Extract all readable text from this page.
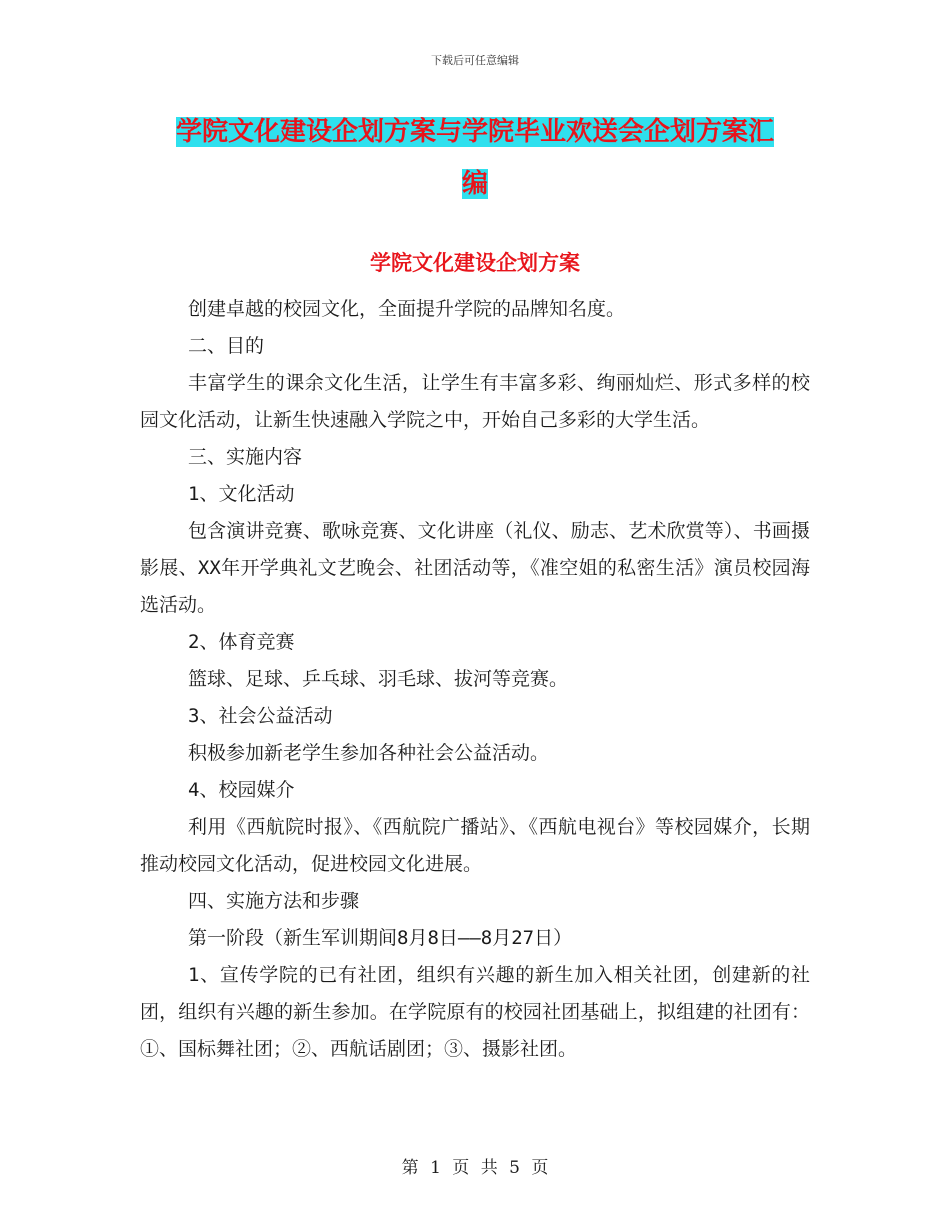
下载后可任意编辑
学院文化建设企划方案与学院毕业欢送会企划方案汇
编
学院文化建设企划方案

创建卓越的校园文化，全面提升学院的品牌知名度。

二、目的

丰富学生的课余文化生活，让学生有丰富多彩、绚丽灿烂、形式多样的校园文化活动，让新生快速融入学院之中，开始自己多彩的大学生活。

三、实施内容

1、文化活动

包含演讲竞赛、歌咏竞赛、文化讲座（礼仪、励志、艺术欣赏等）、书画摄影展、XX年开学典礼文艺晚会、社团活动等，《准空姐的私密生活》演员校园海选活动。

2、体育竞赛

篮球、足球、乒乓球、羽毛球、拔河等竞赛。

3、社会公益活动

积极参加新老学生参加各种社会公益活动。

4、校园媒介

利用《西航院时报》、《西航院广播站》、《西航电视台》等校园媒介，长期推动校园文化活动，促进校园文化进展。

四、实施方法和步骤

第一阶段（新生军训期间8月8日——8月27日）

1、宣传学院的已有社团，组织有兴趣的新生加入相关社团，创建新的社团，组织有兴趣的新生参加。在学院原有的校园社团基础上，拟组建的社团有：①、国标舞社团；②、西航话剧团；③、摄影社团。

第 1 页 共 5 页
